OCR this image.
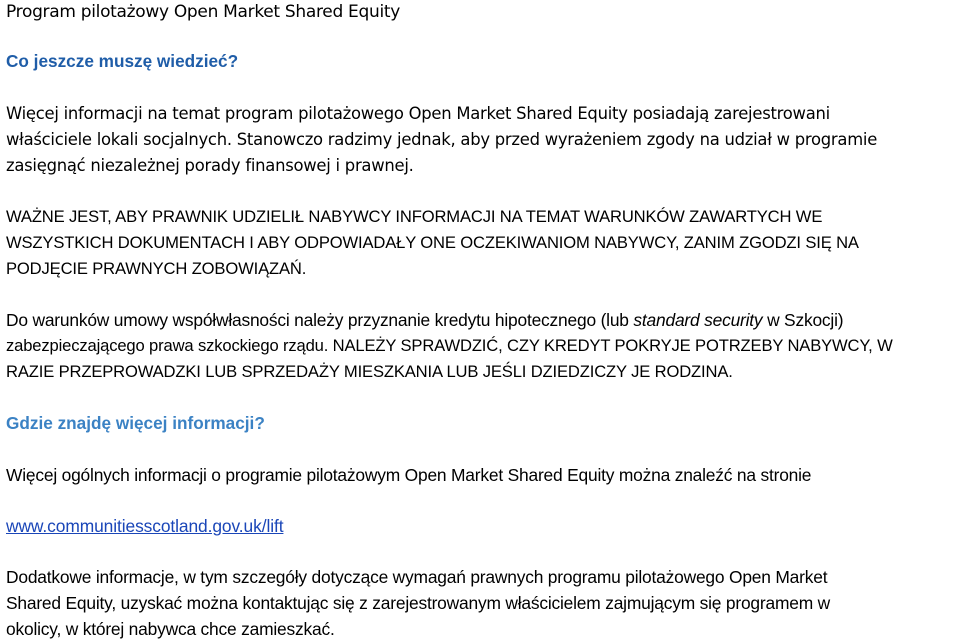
Program pilotażowy Open Market Shared Equity
Co jeszcze muszę wiedzieć?
Więcej informacji na temat program pilotażowego Open Market Shared Equity posiadają zarejestrowani
właściciele lokali socjalnych. Stanowczo radzimy jednak, aby przed wyrażeniem zgody na udział w programie
zasięgnąć niezależnej porady finansowej i prawnej.
WAŻNE JEST, ABY PRAWNIK UDZIELIŁ NABYWCY INFORMACJI NA TEMAT WARUNKÓW ZAWARTYCH WE
WSZYSTKICH DOKUMENTACH I ABY ODPOWIADAŁY ONE OCZEKIWANIOM NABYWCY, ZANIM ZGODZI SIĘ NA
PODJĘCIE PRAWNYCH ZOBOWIĄZAŃ.
Do warunków umowy współwłasności należy przyznanie kredytu hipotecznego (lub standard security w Szkocji)
zabezpieczającego prawa szkockiego rządu. NALEŻY SPRAWDZIĆ, CZY KREDYT POKRYJE POTRZEBY NABYWCY, W
RAZIE PRZEPROWADZKI LUB SPRZEDAŻY MIESZKANIA LUB JEŚLI DZIEDZICZY JE RODZINA.
Gdzie znajdę więcej informacji?
Więcej ogólnych informacji o programie pilotażowym Open Market Shared Equity można znaleźć na stronie
www.communitiesscotland.gov.uk/lift
Dodatkowe informacje, w tym szczegóły dotyczące wymagań prawnych programu pilotażowego Open Market
Shared Equity, uzyskać można kontaktując się z zarejestrowanym właścicielem zajmującym się programem w
okolicy, w której nabywca chce zamieszkać.
